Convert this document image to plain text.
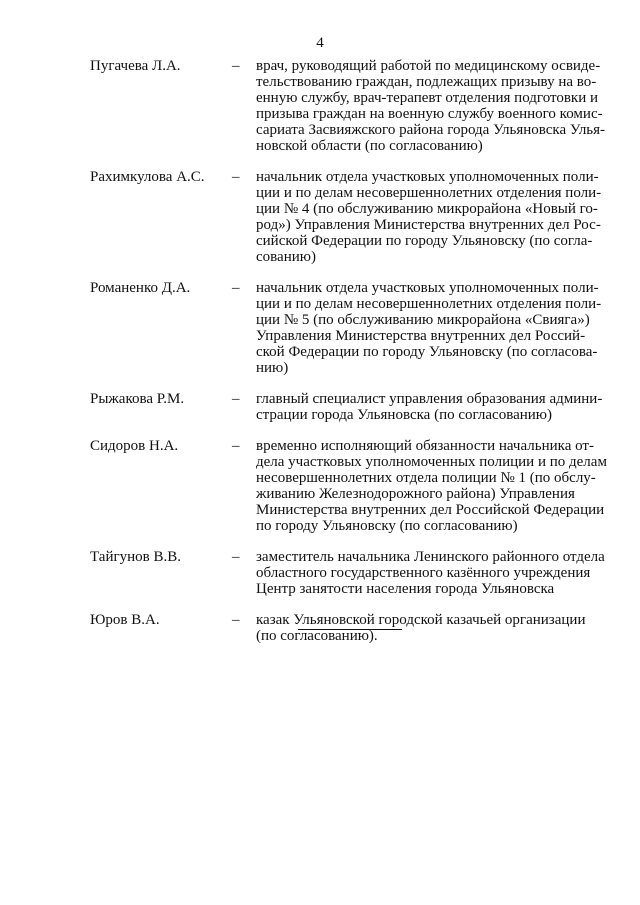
4
Пугачева Л.А.	–	врач, руководящий работой по медицинскому освиде-
тельствованию граждан, подлежащих призыву на во-
енную службу, врач-терапевт отделения подготовки и
призыва граждан на военную службу военного комис-
сариата Засвияжского района города Ульяновска Улья-
новской области (по согласованию)
Рахимкулова А.С.	–	начальник отдела участковых уполномоченных поли-
ции и по делам несовершеннолетних отделения поли-
ции № 4 (по обслуживанию микрорайона «Новый го-
род») Управления Министерства внутренних дел Рос-
сийской Федерации по городу Ульяновску (по согла-
сованию)
Романенко Д.А.	–	начальник отдела участковых уполномоченных поли-
ции и по делам несовершеннолетних отделения поли-
ции № 5 (по обслуживанию микрорайона «Свияга»)
Управления Министерства внутренних дел Россий-
ской Федерации по городу Ульяновску (по согласова-
нию)
Рыжакова Р.М.	–	главный специалист управления образования админи-
страции города Ульяновска (по согласованию)
Сидоров Н.А.	–	временно исполняющий обязанности начальника от-
дела участковых уполномоченных полиции и по делам
несовершеннолетних отдела полиции № 1 (по обслу-
живанию Железнодорожного района) Управления
Министерства внутренних дел Российской Федерации
по городу Ульяновску (по согласованию)
Тайгунов В.В.	–	заместитель начальника Ленинского районного отдела
областного государственного казённого учреждения
Центр занятости населения города Ульяновска
Юров В.А.	–	казак Ульяновской городской казачьей организации
(по согласованию).
